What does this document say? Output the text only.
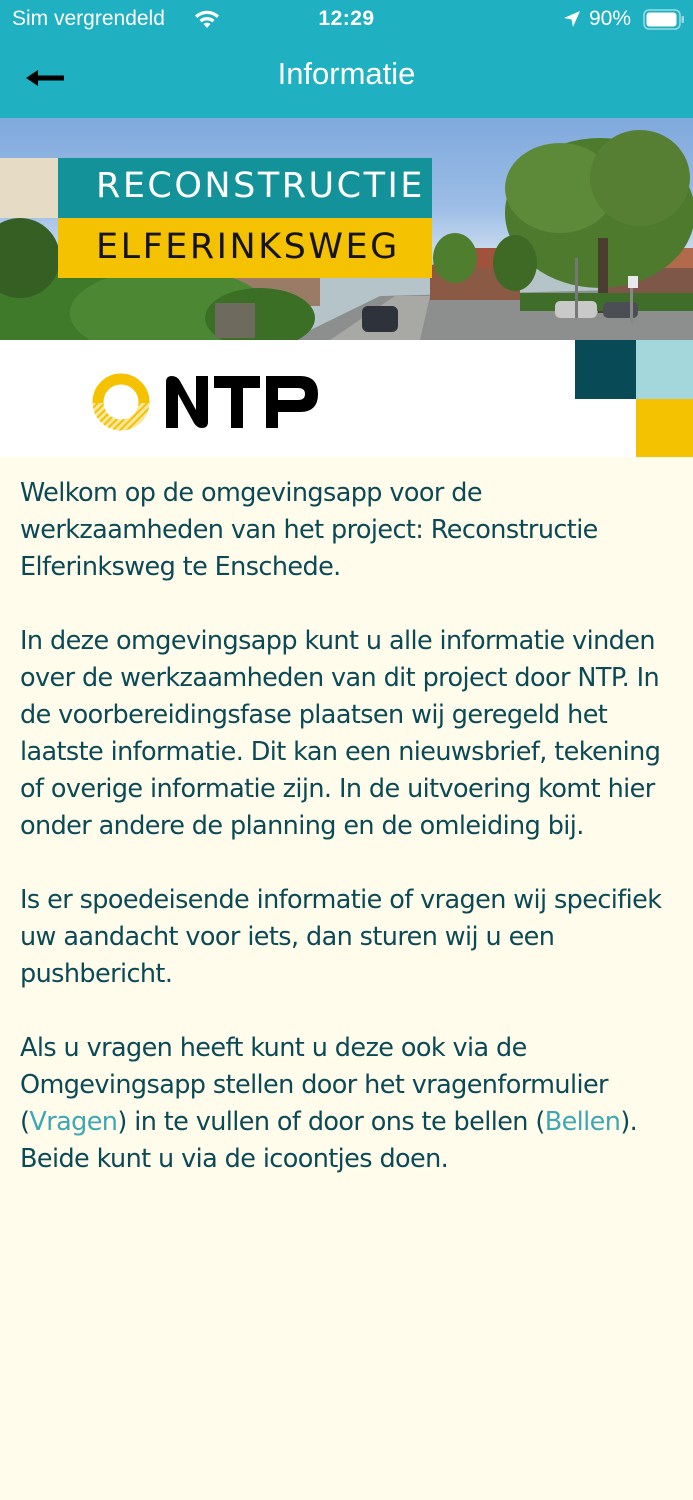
Sim vergrendeld	12:29	90%
Informatie
RECONSTRUCTIE
ELFERINKSWEG

Welkom op de omgevingsapp voor de werkzaamheden van het project: Reconstructie Elferinksweg te Enschede.

In deze omgevingsapp kunt u alle informatie vinden over de werkzaamheden van dit project door NTP. In de voorbereidingsfase plaatsen wij geregeld het laatste informatie. Dit kan een nieuwsbrief, tekening of overige informatie zijn. In de uitvoering komt hier onder andere de planning en de omleiding bij.

Is er spoedeisende informatie of vragen wij specifiek uw aandacht voor iets, dan sturen wij u een pushbericht.

Als u vragen heeft kunt u deze ook via de Omgevingsapp stellen door het vragenformulier (Vragen) in te vullen of door ons te bellen (Bellen). Beide kunt u via de icoontjes doen.
